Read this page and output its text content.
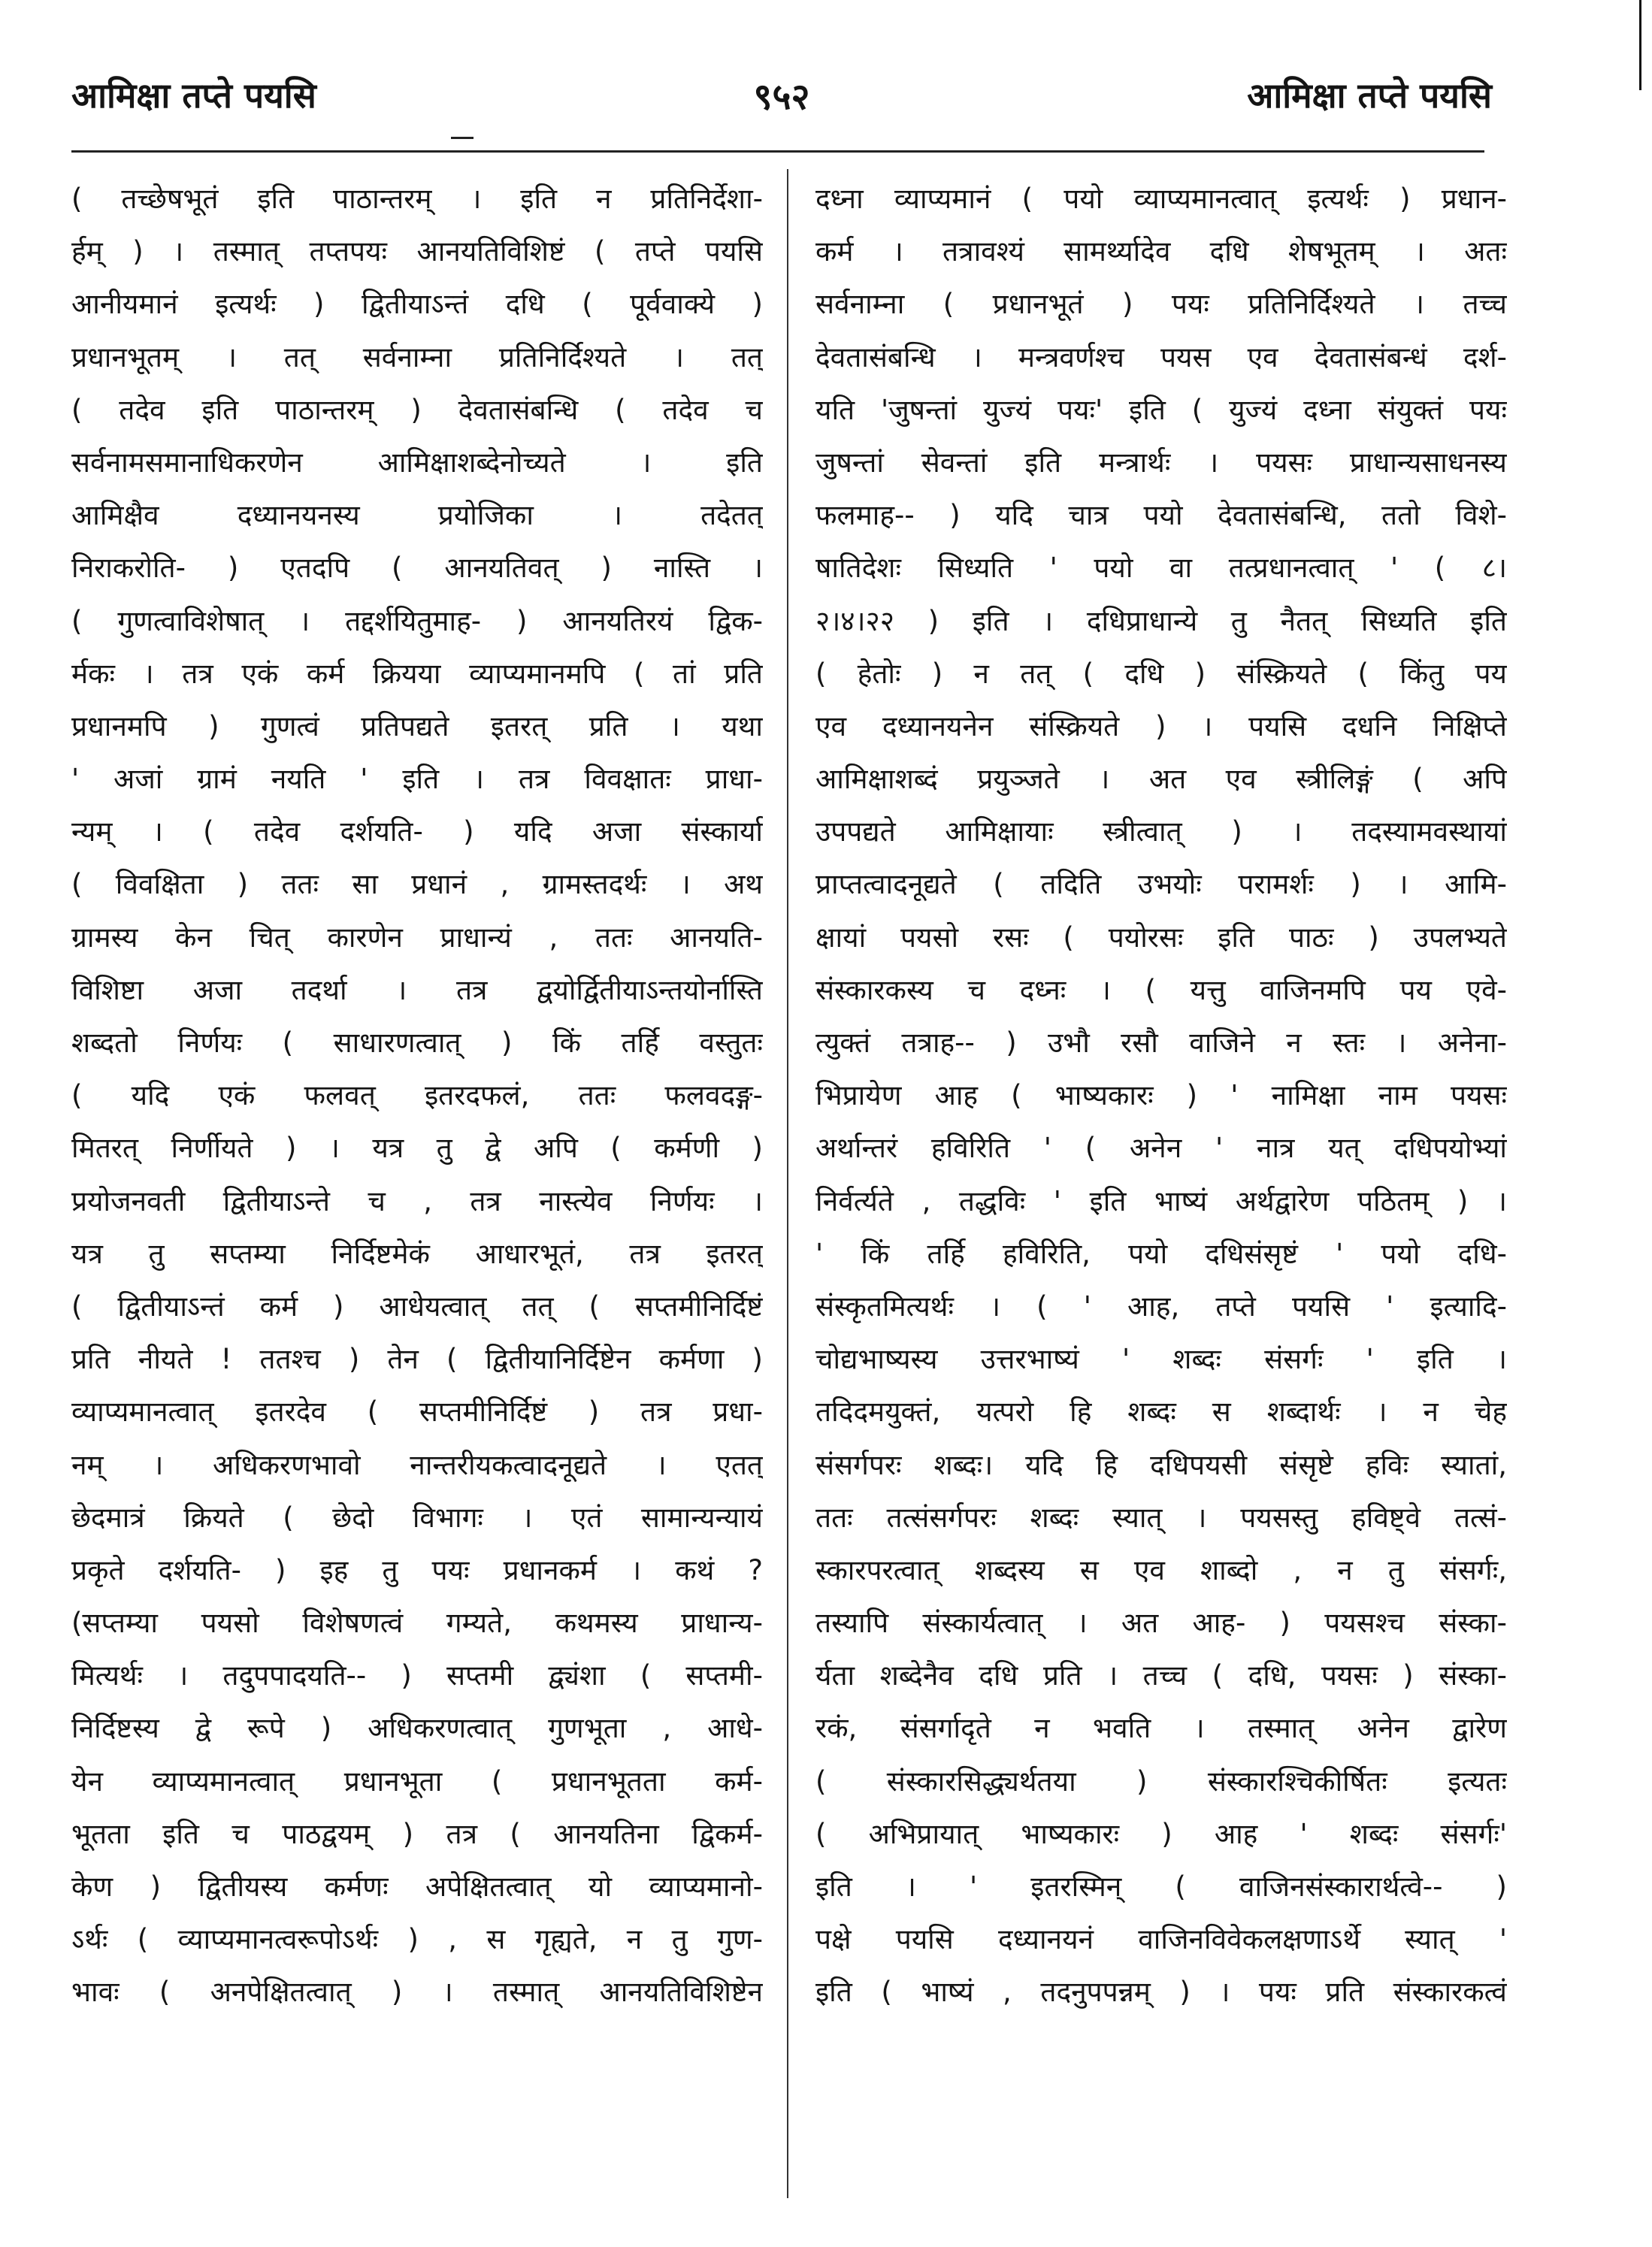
आमिक्षा तप्ते पयसि	९५२	आमिक्षा तप्ते पयसि
( तच्छेषभूतं इति पाठान्तरम् । इति न प्रतिनिर्देशा-
र्हम् ) । तस्मात् तप्तपयः आनयतिविशिष्टं ( तप्ते पयसि
आनीयमानं इत्यर्थः ) द्वितीयाऽन्तं दधि ( पूर्ववाक्ये )
प्रधानभूतम् । तत् सर्वनाम्ना प्रतिनिर्दिश्यते । तत्
( तदेव इति पाठान्तरम् ) देवतासंबन्धि ( तदेव च
सर्वनामसमानाधिकरणेन आमिक्षाशब्देनोच्यते । इति
आमिक्षैव दध्यानयनस्य प्रयोजिका । तदेतत्
निराकरोति- ) एतदपि ( आनयतिवत् ) नास्ति ।
( गुणत्वाविशेषात् । तद्दर्शयितुमाह- ) आनयतिरयं द्विक-
र्मकः । तत्र एकं कर्म क्रियया व्याप्यमानमपि ( तां प्रति
प्रधानमपि ) गुणत्वं प्रतिपद्यते इतरत् प्रति । यथा
' अजां ग्रामं नयति ' इति । तत्र विवक्षातः प्राधा-
न्यम् । ( तदेव दर्शयति- ) यदि अजा संस्कार्या
( विवक्षिता ) ततः सा प्रधानं , ग्रामस्तदर्थः । अथ
ग्रामस्य केन चित् कारणेन प्राधान्यं , ततः आनयति-
विशिष्टा अजा तदर्था । तत्र द्वयोर्द्वितीयाऽन्तयोर्नास्ति
शब्दतो निर्णयः ( साधारणत्वात् ) किं तर्हि वस्तुतः
( यदि एकं फलवत् इतरदफलं, ततः फलवदङ्ग-
मितरत् निर्णीयते ) । यत्र तु द्वे अपि ( कर्मणी )
प्रयोजनवती द्वितीयाऽन्ते च , तत्र नास्त्येव निर्णयः ।
यत्र तु सप्तम्या निर्दिष्टमेकं आधारभूतं, तत्र इतरत्
( द्वितीयाऽन्तं कर्म ) आधेयत्वात् तत् ( सप्तमीनिर्दिष्टं
प्रति नीयते ! ततश्च ) तेन ( द्वितीयानिर्दिष्टेन कर्मणा )
व्याप्यमानत्वात् इतरदेव ( सप्तमीनिर्दिष्टं ) तत्र प्रधा-
नम् । अधिकरणभावो नान्तरीयकत्वादनूद्यते । एतत्
छेदमात्रं क्रियते ( छेदो विभागः । एतं सामान्यन्यायं
प्रकृते दर्शयति- ) इह तु पयः प्रधानकर्म । कथं ?
(सप्तम्या पयसो विशेषणत्वं गम्यते, कथमस्य प्राधान्य-
मित्यर्थः । तदुपपादयति-- ) सप्तमी द्व्यंशा ( सप्तमी-
निर्दिष्टस्य द्वे रूपे ) अधिकरणत्वात् गुणभूता , आधे-
येन व्याप्यमानत्वात् प्रधानभूता ( प्रधानभूतता कर्म-
भूतता इति च पाठद्वयम् ) तत्र ( आनयतिना द्विकर्म-
केण ) द्वितीयस्य कर्मणः अपेक्षितत्वात् यो व्याप्यमानो-
ऽर्थः ( व्याप्यमानत्वरूपोऽर्थः ) , स गृह्यते, न तु गुण-
भावः ( अनपेक्षितत्वात् ) । तस्मात् आनयतिविशिष्टेन
दध्ना व्याप्यमानं ( पयो व्याप्यमानत्वात् इत्यर्थः ) प्रधान-
कर्म । तत्रावश्यं सामर्थ्यादेव दधि शेषभूतम् । अतः
सर्वनाम्ना ( प्रधानभूतं ) पयः प्रतिनिर्दिश्यते । तच्च
देवतासंबन्धि । मन्त्रवर्णश्च पयस एव देवतासंबन्धं दर्श-
यति 'जुषन्तां युज्यं पयः' इति ( युज्यं दध्ना संयुक्तं पयः
जुषन्तां सेवन्तां इति मन्त्रार्थः । पयसः प्राधान्यसाधनस्य
फलमाह-- ) यदि चात्र पयो देवतासंबन्धि, ततो विशे-
षातिदेशः सिध्यति ' पयो वा तत्प्रधानत्वात् ' ( ८।
२।४।२२ ) इति । दधिप्राधान्ये तु नैतत् सिध्यति इति
( हेतोः ) न तत् ( दधि ) संस्क्रियते ( किंतु पय
एव दध्यानयनेन संस्क्रियते ) । पयसि दधनि निक्षिप्ते
आमिक्षाशब्दं प्रयुञ्जते । अत एव स्त्रीलिङ्गं ( अपि
उपपद्यते आमिक्षायाः स्त्रीत्वात् ) । तदस्यामवस्थायां
प्राप्तत्वादनूद्यते ( तदिति उभयोः परामर्शः ) । आमि-
क्षायां पयसो रसः ( पयोरसः इति पाठः ) उपलभ्यते
संस्कारकस्य च दध्नः । ( यत्तु वाजिनमपि पय एवे-
त्युक्तं तत्राह-- ) उभौ रसौ वाजिने न स्तः । अनेना-
भिप्रायेण आह ( भाष्यकारः ) ' नामिक्षा नाम पयसः
अर्थान्तरं हविरिति ' ( अनेन ' नात्र यत् दधिपयोभ्यां
निर्वर्त्यते , तद्धविः ' इति भाष्यं अर्थद्वारेण पठितम् ) ।
' किं तर्हि हविरिति, पयो दधिसंसृष्टं ' पयो दधि-
संस्कृतमित्यर्थः । ( ' आह, तप्ते पयसि ' इत्यादि-
चोद्यभाष्यस्य उत्तरभाष्यं ' शब्दः संसर्गः ' इति ।
तदिदमयुक्तं, यत्परो हि शब्दः स शब्दार्थः । न चेह
संसर्गपरः शब्दः। यदि हि दधिपयसी संसृष्टे हविः स्यातां,
ततः तत्संसर्गपरः शब्दः स्यात् । पयसस्तु हविष्ट्वे तत्सं-
स्कारपरत्वात् शब्दस्य स एव शाब्दो , न तु संसर्गः,
तस्यापि संस्कार्यत्वात् । अत आह- ) पयसश्च संस्का-
र्यता शब्देनैव दधि प्रति । तच्च ( दधि, पयसः ) संस्का-
रकं, संसर्गादृते न भवति । तस्मात् अनेन द्वारेण
( संस्कारसिद्ध्यर्थतया ) संस्कारश्चिकीर्षितः इत्यतः
( अभिप्रायात् भाष्यकारः ) आह ' शब्दः संसर्गः'
इति । ' इतरस्मिन् ( वाजिनसंस्कारार्थत्वे-- )
पक्षे पयसि दध्यानयनं वाजिनविवेकलक्षणाऽर्थे स्यात् '
इति ( भाष्यं , तदनुपपन्नम् ) । पयः प्रति संस्कारकत्वं
